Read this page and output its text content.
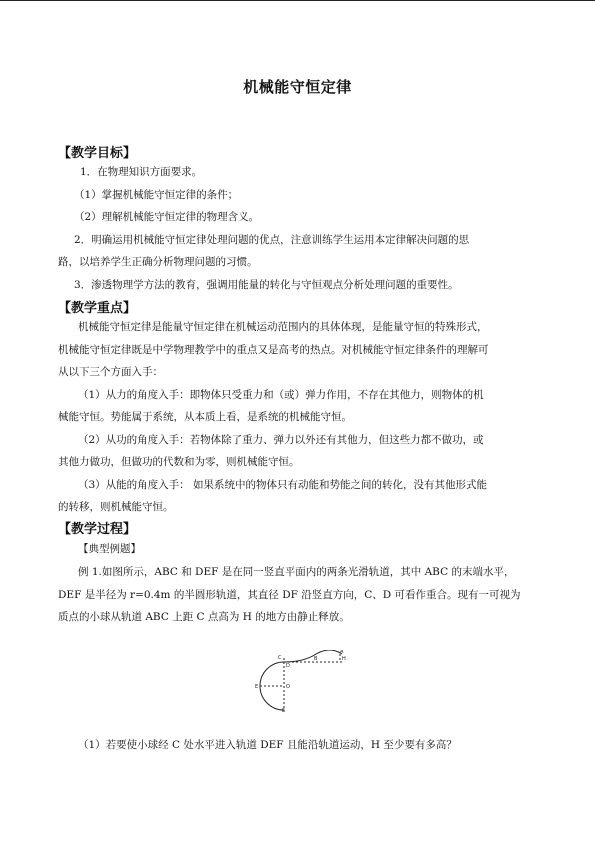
机械能守恒定律
【教学目标】
1．在物理知识方面要求。
（1）掌握机械能守恒定律的条件；
（2）理解机械能守恒定律的物理含义。
2．明确运用机械能守恒定律处理问题的优点，注意训练学生运用本定律解决问题的思
路，以培养学生正确分析物理问题的习惯。
3．渗透物理学方法的教育，强调用能量的转化与守恒观点分析处理问题的重要性。
【教学重点】
机械能守恒定律是能量守恒定律在机械运动范围内的具体体现，是能量守恒的特殊形式，
机械能守恒定律既是中学物理教学中的重点又是高考的热点。对机械能守恒定律条件的理解可
从以下三个方面入手：
（1）从力的角度入手：即物体只受重力和（或）弹力作用，不存在其他力，则物体的机
械能守恒。势能属于系统，从本质上看，是系统的机械能守恒。
（2）从功的角度入手：若物体除了重力、弹力以外还有其他力，但这些力都不做功，或
其他力做功，但做功的代数和为零，则机械能守恒。
（3）从能的角度入手： 如果系统中的物体只有动能和势能之间的转化，没有其他形式能
的转移，则机械能守恒。
【教学过程】
【典型例题】
例 1.如图所示，ABC 和 DEF 是在同一竖直平面内的两条光滑轨道，其中 ABC 的末端水平，
DEF 是半径为 r=0.4m 的半圆形轨道，其直径 DF 沿竖直方向，C、D 可看作重合。现有一可视为
质点的小球从轨道 ABC 上距 C 点高为 H 的地方由静止释放。
A
B
C
D
E
F
H
O
（1）若要使小球经 C 处水平进入轨道 DEF 且能沿轨道运动，H 至少要有多高？
